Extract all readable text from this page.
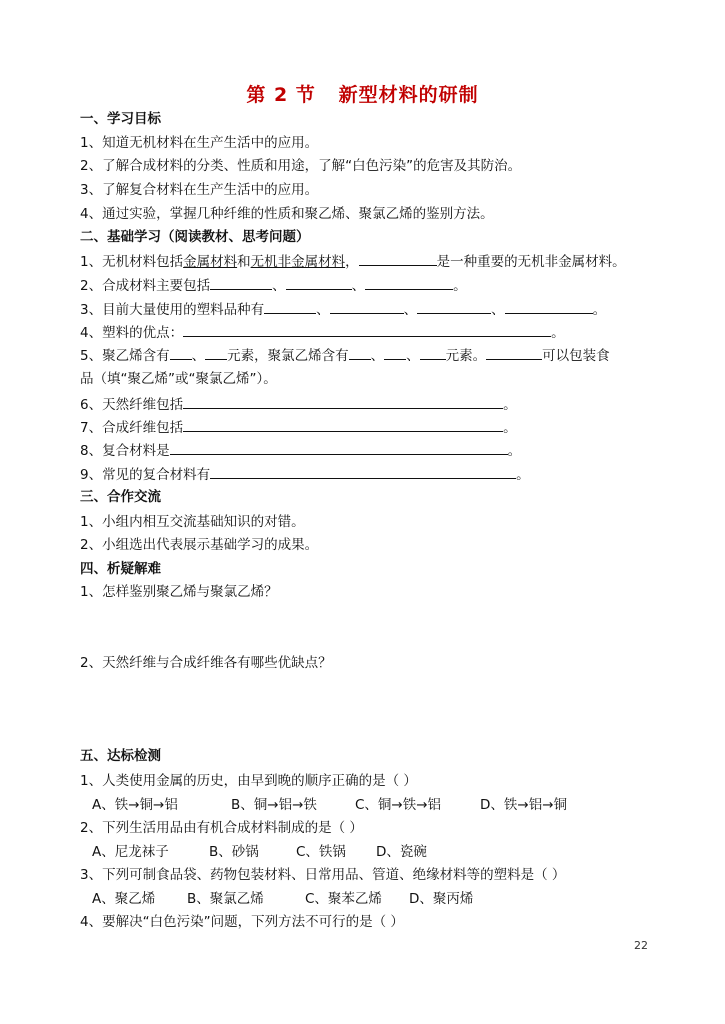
第 2 节   新型材料的研制
一、学习目标
1、知道无机材料在生产生活中的应用。
2、了解合成材料的分类、性质和用途，了解“白色污染”的危害及其防治。
3、了解复合材料在生产生活中的应用。
4、通过实验，掌握几种纤维的性质和聚乙烯、聚氯乙烯的鉴别方法。
二、基础学习（阅读教材、思考问题）
1、无机材料包括金属材料和无机非金属材料，	是一种重要的无机非金属材料。
2、合成材料主要包括	、	、	。
3、目前大量使用的塑料品种有	、	、	、	。
4、塑料的优点：	。
5、聚乙烯含有 、 元素，聚氯乙烯含有 、 、 元素。	可以包装食
品（填“聚乙烯”或“聚氯乙烯”）。
6、天然纤维包括	。
7、合成纤维包括	。
8、复合材料是	。
9、常见的复合材料有	。
三、合作交流
1、小组内相互交流基础知识的对错。
2、小组选出代表展示基础学习的成果。
四、析疑解难
1、怎样鉴别聚乙烯与聚氯乙烯？
2、天然纤维与合成纤维各有哪些优缺点？
五、达标检测
1、人类使用金属的历史，由早到晚的顺序正确的是（ ）
A、铁→铜→铝	B、铜→铝→铁	C、铜→铁→铝	D、铁→铝→铜
2、下列生活用品由有机合成材料制成的是（ ）
A、尼龙袜子	B、砂锅	C、铁锅 D、瓷碗
3、下列可制食品袋、药物包装材料、日常用品、管道、绝缘材料等的塑料是（ ）
A、聚乙烯 B、聚氯乙烯	C、聚苯乙烯 D、聚丙烯
4、要解决“白色污染”问题，下列方法不可行的是（ ）
22
